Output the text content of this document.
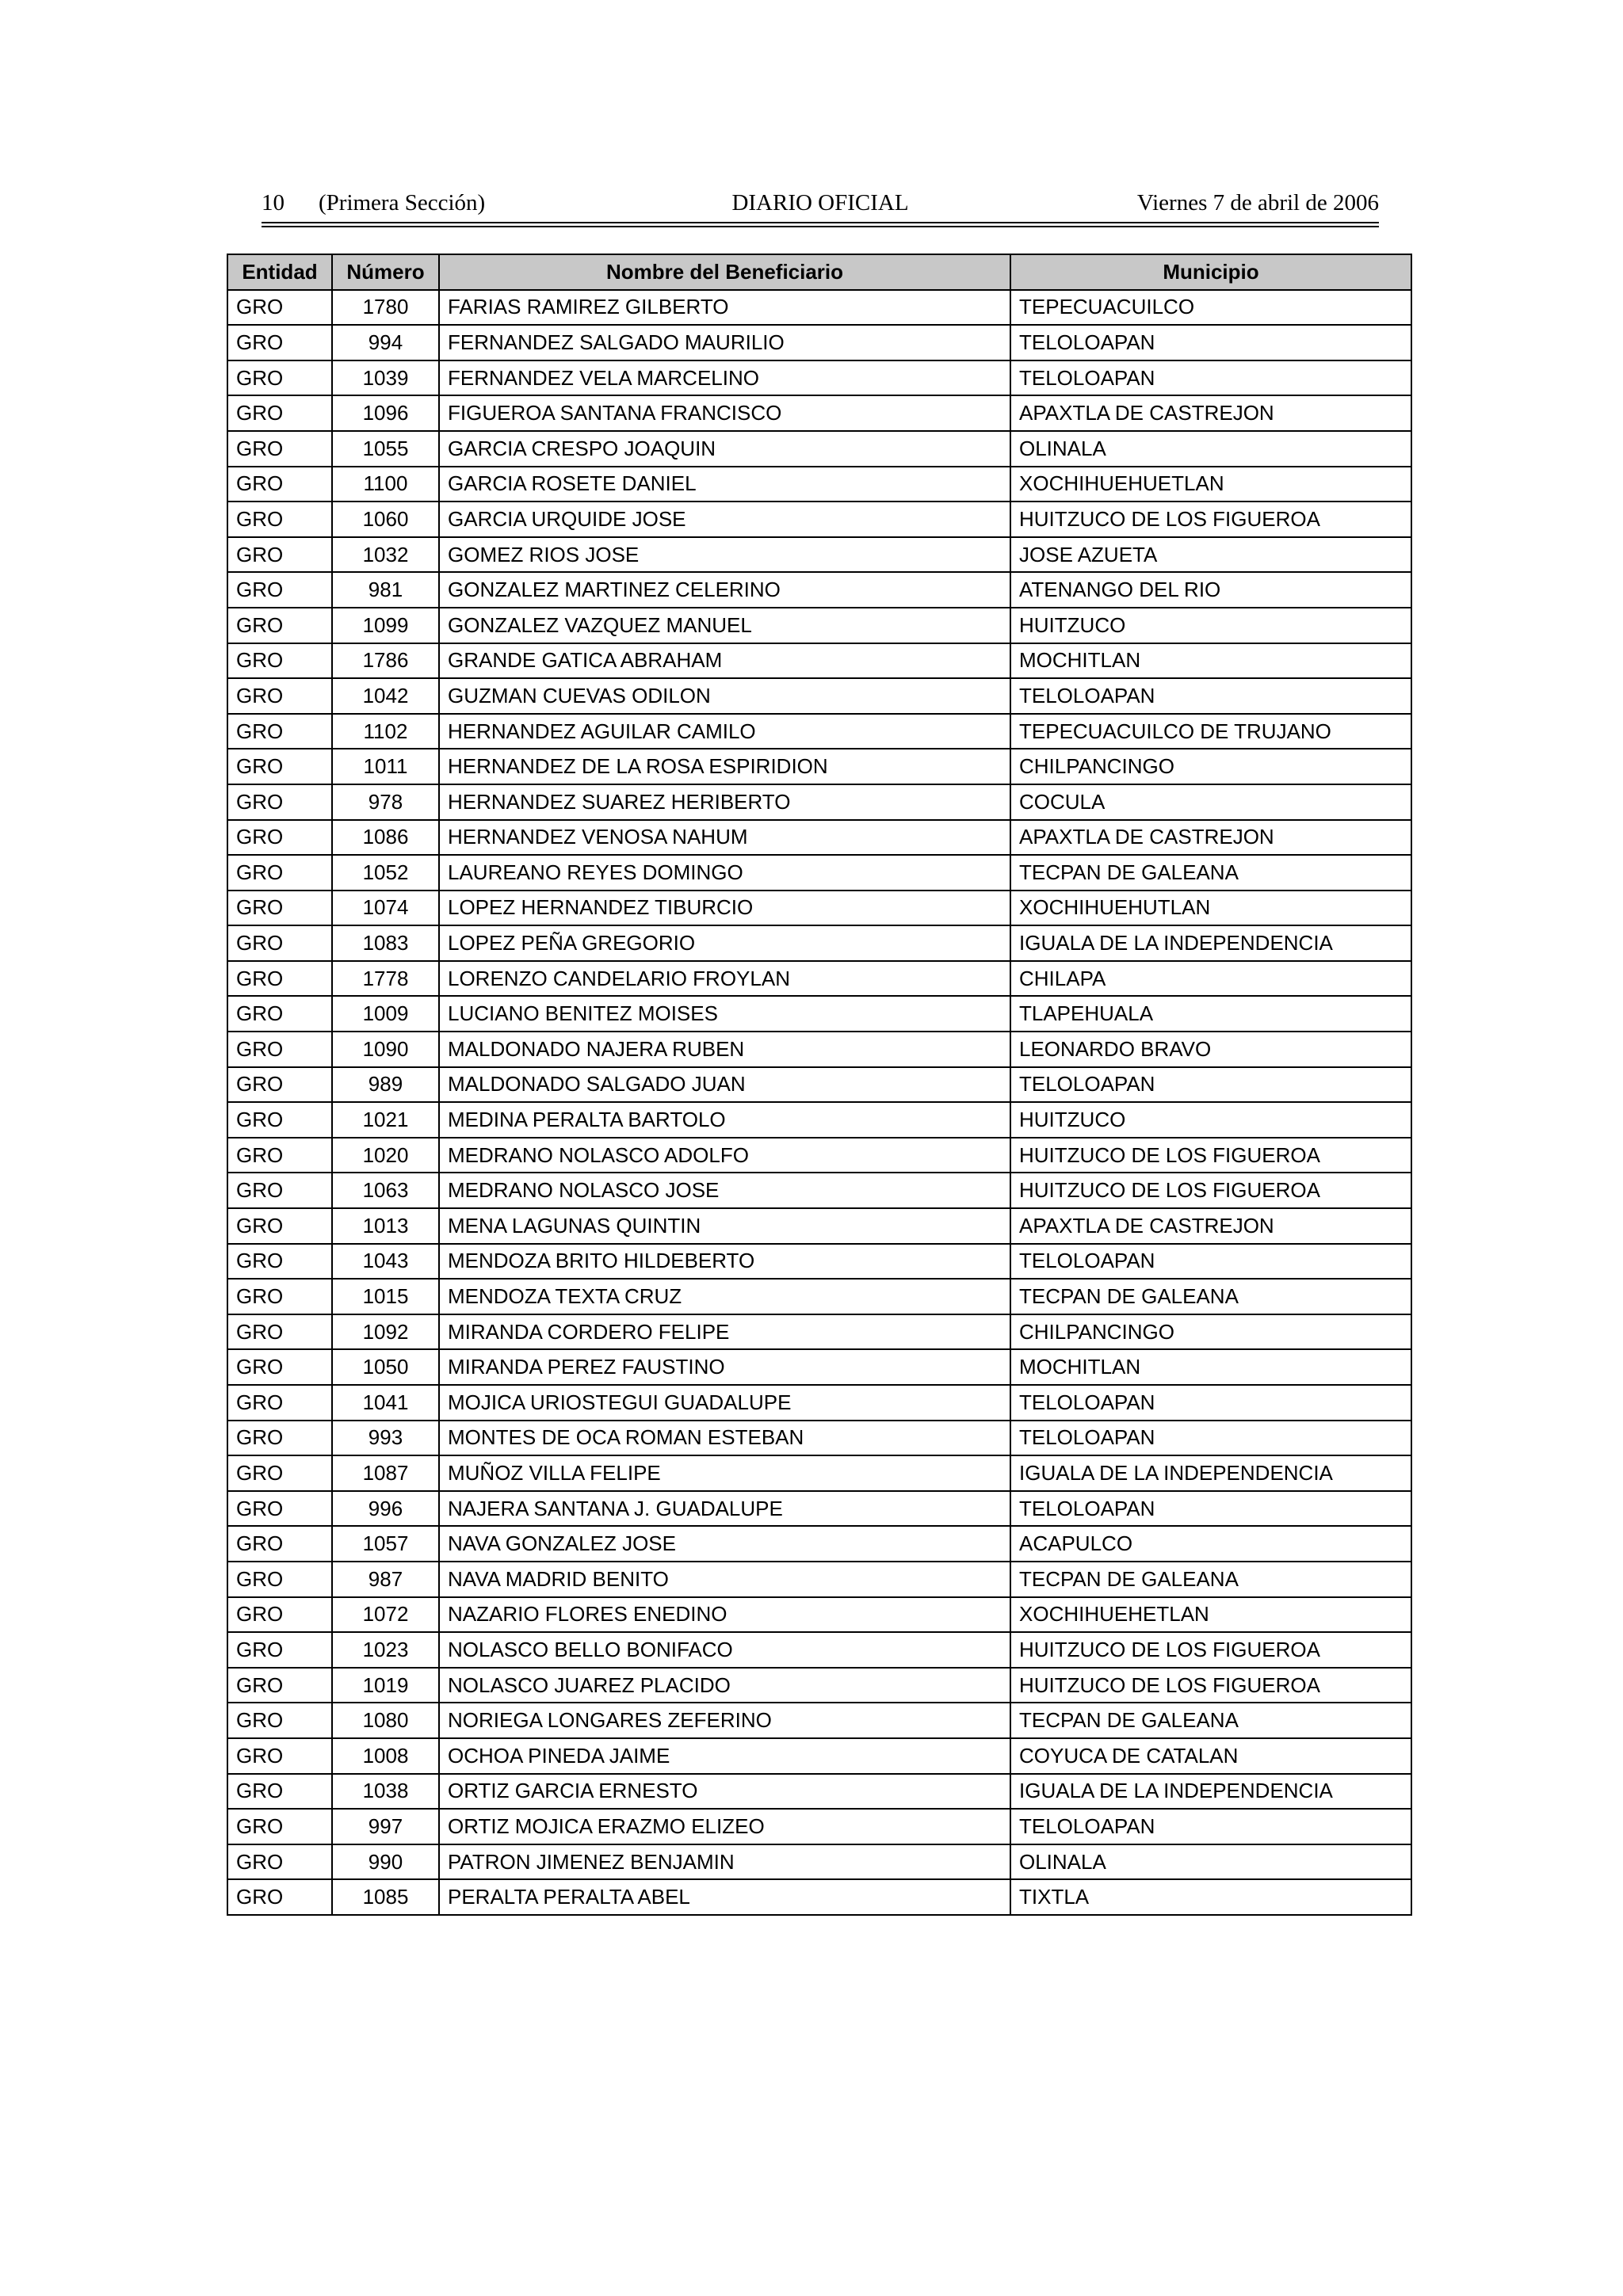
10 (Primera Sección)	DIARIO OFICIAL	Viernes 7 de abril de 2006
Entidad	Número	Nombre del Beneficiario	Municipio
GRO	1780	FARIAS RAMIREZ GILBERTO	TEPECUACUILCO
GRO	994	FERNANDEZ SALGADO MAURILIO	TELOLOAPAN
GRO	1039	FERNANDEZ VELA MARCELINO	TELOLOAPAN
GRO	1096	FIGUEROA SANTANA FRANCISCO	APAXTLA DE CASTREJON
GRO	1055	GARCIA CRESPO JOAQUIN	OLINALA
GRO	1100	GARCIA ROSETE DANIEL	XOCHIHUEHUETLAN
GRO	1060	GARCIA URQUIDE JOSE	HUITZUCO DE LOS FIGUEROA
GRO	1032	GOMEZ RIOS JOSE	JOSE AZUETA
GRO	981	GONZALEZ MARTINEZ CELERINO	ATENANGO DEL RIO
GRO	1099	GONZALEZ VAZQUEZ MANUEL	HUITZUCO
GRO	1786	GRANDE GATICA ABRAHAM	MOCHITLAN
GRO	1042	GUZMAN CUEVAS ODILON	TELOLOAPAN
GRO	1102	HERNANDEZ AGUILAR CAMILO	TEPECUACUILCO DE TRUJANO
GRO	1011	HERNANDEZ DE LA ROSA ESPIRIDION	CHILPANCINGO
GRO	978	HERNANDEZ SUAREZ HERIBERTO	COCULA
GRO	1086	HERNANDEZ VENOSA NAHUM	APAXTLA DE CASTREJON
GRO	1052	LAUREANO REYES DOMINGO	TECPAN DE GALEANA
GRO	1074	LOPEZ HERNANDEZ TIBURCIO	XOCHIHUEHUTLAN
GRO	1083	LOPEZ PEÑA GREGORIO	IGUALA DE LA INDEPENDENCIA
GRO	1778	LORENZO CANDELARIO FROYLAN	CHILAPA
GRO	1009	LUCIANO BENITEZ MOISES	TLAPEHUALA
GRO	1090	MALDONADO NAJERA RUBEN	LEONARDO BRAVO
GRO	989	MALDONADO SALGADO JUAN	TELOLOAPAN
GRO	1021	MEDINA PERALTA BARTOLO	HUITZUCO
GRO	1020	MEDRANO NOLASCO ADOLFO	HUITZUCO DE LOS FIGUEROA
GRO	1063	MEDRANO NOLASCO JOSE	HUITZUCO DE LOS FIGUEROA
GRO	1013	MENA LAGUNAS QUINTIN	APAXTLA DE CASTREJON
GRO	1043	MENDOZA BRITO HILDEBERTO	TELOLOAPAN
GRO	1015	MENDOZA TEXTA CRUZ	TECPAN DE GALEANA
GRO	1092	MIRANDA CORDERO FELIPE	CHILPANCINGO
GRO	1050	MIRANDA PEREZ FAUSTINO	MOCHITLAN
GRO	1041	MOJICA URIOSTEGUI GUADALUPE	TELOLOAPAN
GRO	993	MONTES DE OCA ROMAN ESTEBAN	TELOLOAPAN
GRO	1087	MUÑOZ VILLA FELIPE	IGUALA DE LA INDEPENDENCIA
GRO	996	NAJERA SANTANA J. GUADALUPE	TELOLOAPAN
GRO	1057	NAVA GONZALEZ JOSE	ACAPULCO
GRO	987	NAVA MADRID BENITO	TECPAN DE GALEANA
GRO	1072	NAZARIO FLORES ENEDINO	XOCHIHUEHETLAN
GRO	1023	NOLASCO BELLO BONIFACO	HUITZUCO DE LOS FIGUEROA
GRO	1019	NOLASCO JUAREZ PLACIDO	HUITZUCO DE LOS FIGUEROA
GRO	1080	NORIEGA LONGARES ZEFERINO	TECPAN DE GALEANA
GRO	1008	OCHOA PINEDA JAIME	COYUCA DE CATALAN
GRO	1038	ORTIZ GARCIA ERNESTO	IGUALA DE LA INDEPENDENCIA
GRO	997	ORTIZ MOJICA ERAZMO ELIZEO	TELOLOAPAN
GRO	990	PATRON JIMENEZ BENJAMIN	OLINALA
GRO	1085	PERALTA PERALTA ABEL	TIXTLA
